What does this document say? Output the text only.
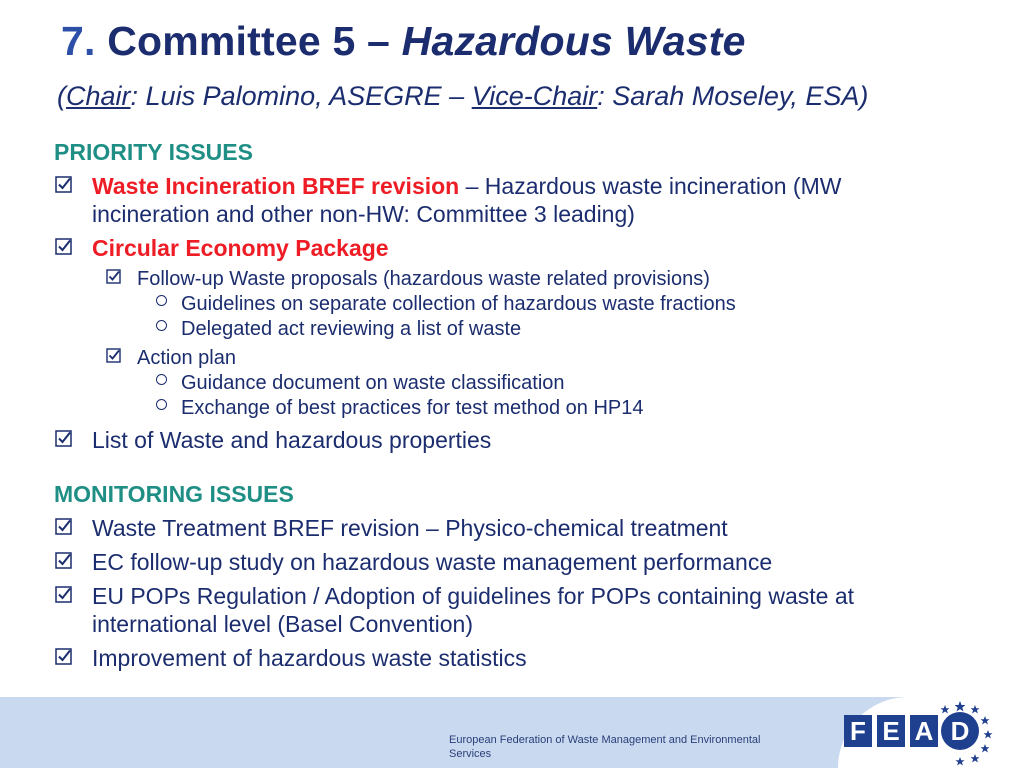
7. Committee 5 – Hazardous Waste

(Chair: Luis Palomino, ASEGRE – Vice-Chair: Sarah Moseley, ESA)

PRIORITY ISSUES
Waste Incineration BREF revision – Hazardous waste incineration (MW
incineration and other non-HW: Committee 3 leading)
Circular Economy Package
Follow-up Waste proposals (hazardous waste related provisions)
Guidelines on separate collection of hazardous waste fractions
Delegated act reviewing a list of waste
Action plan
Guidance document on waste classification
Exchange of best practices for test method on HP14
List of Waste and hazardous properties
MONITORING ISSUES
Waste Treatment BREF revision – Physico-chemical treatment
EC follow-up study on hazardous waste management performance
EU POPs Regulation / Adoption of guidelines for POPs containing waste at
international level (Basel Convention)
Improvement of hazardous waste statistics

European Federation of Waste Management and Environmental
Services

F E A D
